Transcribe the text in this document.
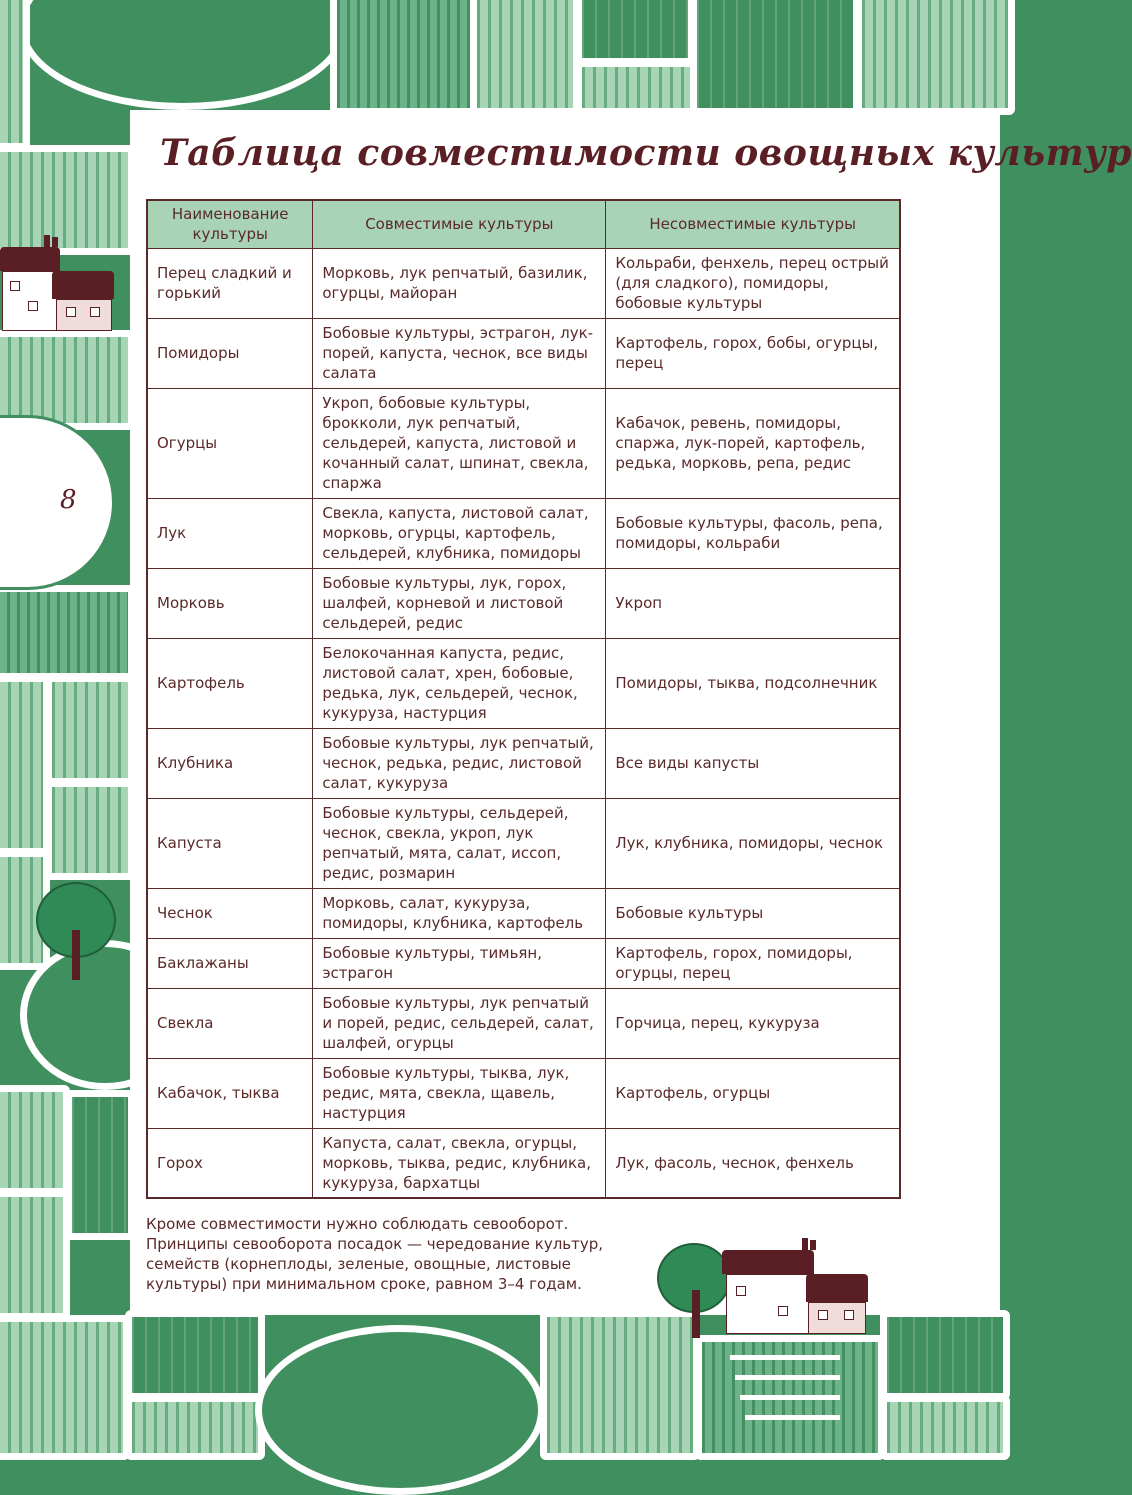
8
Таблица совместимости овощных культур
Наименование культуры	Совместимые культуры	Несовместимые культуры
Перец сладкий и горький	Морковь, лук репчатый, базилик, огурцы, майоран	Кольраби, фенхель, перец острый (для сладкого), помидоры, бобовые культуры
Помидоры	Бобовые культуры, эстрагон, лук-порей, капуста, чеснок, все виды салата	Картофель, горох, бобы, огурцы, перец
Огурцы	Укроп, бобовые культуры, брокколи, лук репчатый, сельдерей, капуста, листовой и кочанный салат, шпинат, свекла, спаржа	Кабачок, ревень, помидоры, спаржа, лук-порей, картофель, редька, морковь, репа, редис
Лук	Свекла, капуста, листовой салат, морковь, огурцы, картофель, сельдерей, клубника, помидоры	Бобовые культуры, фасоль, репа, помидоры, кольраби
Морковь	Бобовые культуры, лук, горох, шалфей, корневой и листовой сельдерей, редис	Укроп
Картофель	Белокочанная капуста, редис, листовой салат, хрен, бобовые, редька, лук, сельдерей, чеснок, кукуруза, настурция	Помидоры, тыква, подсолнечник
Клубника	Бобовые культуры, лук репчатый, чеснок, редька, редис, листовой салат, кукуруза	Все виды капусты
Капуста	Бобовые культуры, сельдерей, чеснок, свекла, укроп, лук репчатый, мята, салат, иссоп, редис, розмарин	Лук, клубника, помидоры, чеснок
Чеснок	Морковь, салат, кукуруза, помидоры, клубника, картофель	Бобовые культуры
Баклажаны	Бобовые культуры, тимьян, эстрагон	Картофель, горох, помидоры, огурцы, перец
Свекла	Бобовые культуры, лук репчатый и порей, редис, сельдерей, салат, шалфей, огурцы	Горчица, перец, кукуруза
Кабачок, тыква	Бобовые культуры, тыква, лук, редис, мята, свекла, щавель, настурция	Картофель, огурцы
Горох	Капуста, салат, свекла, огурцы, морковь, тыква, редис, клубника, кукуруза, бархатцы	Лук, фасоль, чеснок, фенхель

Кроме совместимости нужно соблюдать севооборот. Принципы севооборота посадок — чередование культур, семейств (корнеплоды, зеленые, овощные, листовые культуры) при минимальном сроке, равном 3–4 годам.
